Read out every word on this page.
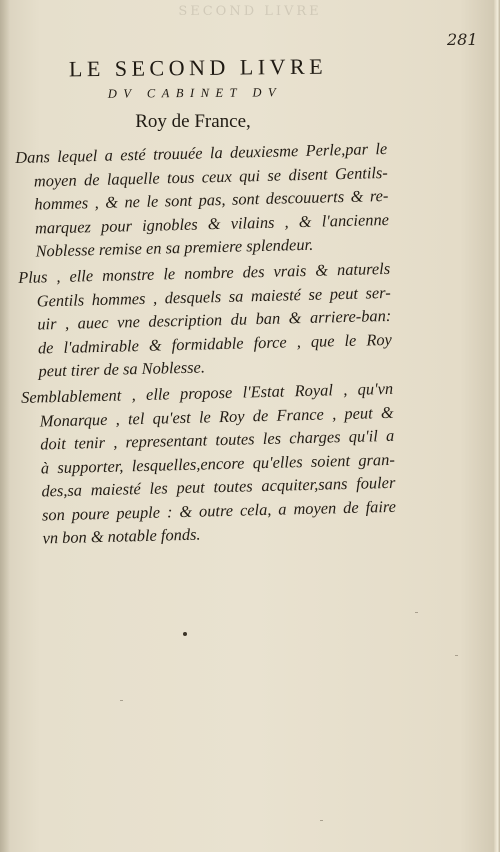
SECOND LIVRE
281
LE SECOND LIVRE
DV CABINET DV
Roy de France,

Dans lequel a esté trouuée la deuxiesme Perle,par le
moyen de laquelle tous ceux qui se disent Gentils-
hommes , & ne le sont pas, sont descouuerts & re-
marquez pour ignobles & vilains , & l'ancienne
Noblesse remise en sa premiere splendeur.

Plus , elle monstre le nombre des vrais & naturels
Gentils hommes , desquels sa maiesté se peut ser-
uir , auec vne description du ban & arriere-ban:
de l'admirable & formidable force , que le Roy
peut tirer de sa Noblesse.

Semblablement , elle propose l'Estat Royal , qu'vn
Monarque , tel qu'est le Roy de France , peut &
doit tenir , representant toutes les charges qu'il a
à supporter, lesquelles,encore qu'elles soient gran-
des,sa maiesté les peut toutes acquiter,sans fouler
son poure peuple : & outre cela, a moyen de faire
vn bon & notable fonds.
